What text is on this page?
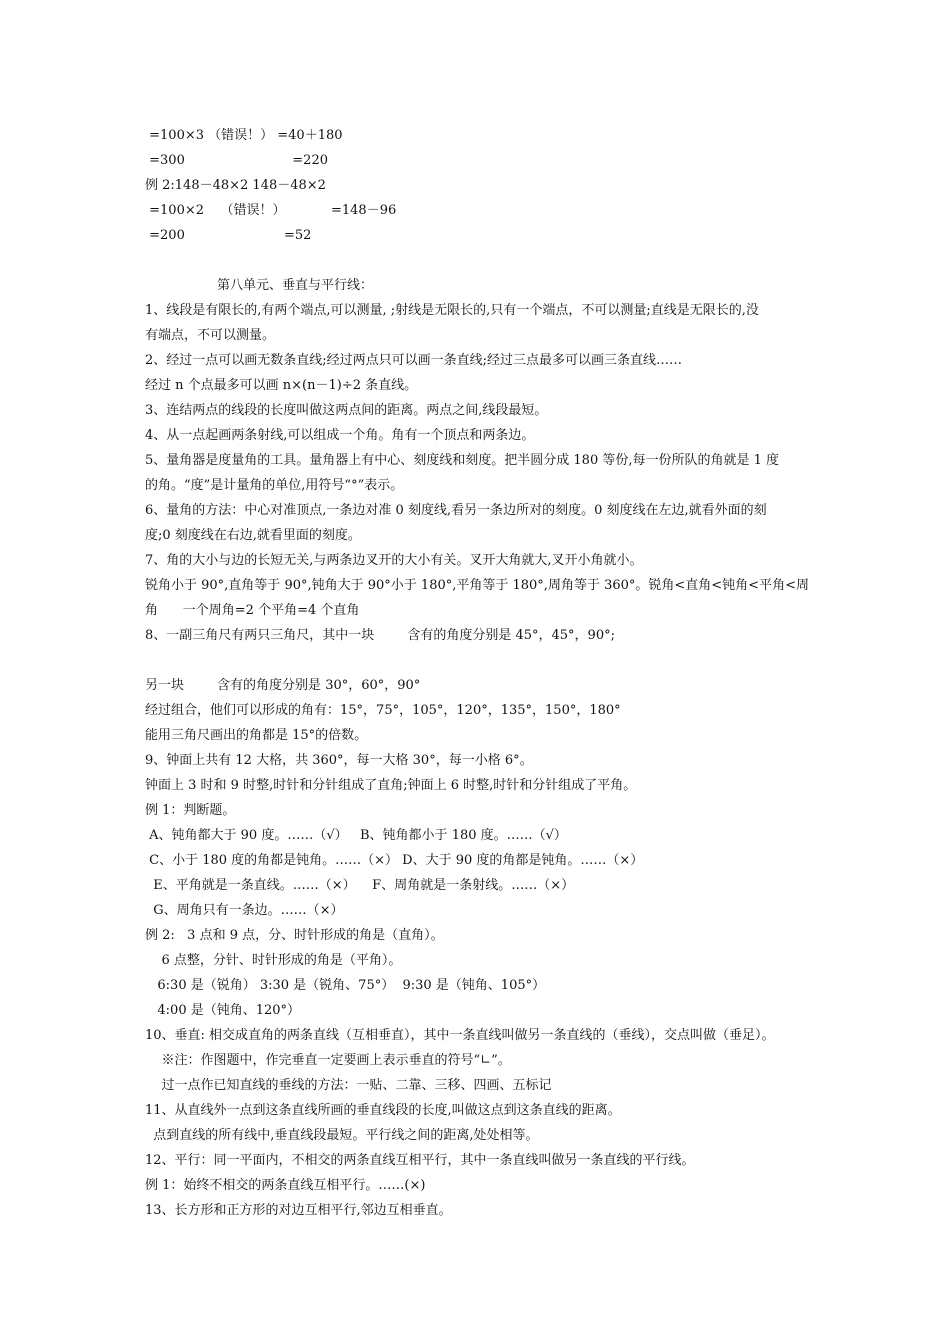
=100×3 （错误！） =40＋180
=300                          =220
例 2:148－48×2 148－48×2
=100×2    （错误！）           =148－96
=200                        =52
第八单元、垂直与平行线：
1、线段是有限长的,有两个端点,可以测量, ;射线是无限长的,只有一个端点，不可以测量;直线是无限长的,没
有端点，不可以测量。
2、经过一点可以画无数条直线;经过两点只可以画一条直线;经过三点最多可以画三条直线……
经过 n 个点最多可以画 n×(n－1)÷2 条直线。
3、连结两点的线段的长度叫做这两点间的距离。两点之间,线段最短。
4、从一点起画两条射线,可以组成一个角。角有一个顶点和两条边。
5、量角器是度量角的工具。量角器上有中心、刻度线和刻度。把半圆分成 180 等份,每一份所队的角就是 1 度
的角。“度”是计量角的单位,用符号“°”表示。
6、量角的方法：中心对准顶点,一条边对准 0 刻度线,看另一条边所对的刻度。0 刻度线在左边,就看外面的刻
度;0 刻度线在右边,就看里面的刻度。
7、角的大小与边的长短无关,与两条边叉开的大小有关。叉开大角就大,叉开小角就小。
锐角小于 90°,直角等于 90°,钝角大于 90°小于 180°,平角等于 180°,周角等于 360°。锐角<直角<钝角<平角<周
角      一个周角=2 个平角=4 个直角
8、一副三角尺有两只三角尺，其中一块        含有的角度分别是 45°，45°，90°;
另一块        含有的角度分别是 30°，60°，90°
经过组合，他们可以形成的角有：15°，75°，105°，120°，135°，150°，180°
能用三角尺画出的角都是 15°的倍数。
9、钟面上共有 12 大格，共 360°，每一大格 30°，每一小格 6°。
钟面上 3 时和 9 时整,时针和分针组成了直角;钟面上 6 时整,时针和分针组成了平角。
例 1：判断题。
A、钝角都大于 90 度。……（√）   B、钝角都小于 180 度。……（√）
C、小于 180 度的角都是钝角。……（×） D、大于 90 度的角都是钝角。……（×）
E、平角就是一条直线。……（×）    F、周角就是一条射线。……（×）
G、周角只有一条边。……（×）
例 2:   3 点和 9 点，分、时针形成的角是（直角）。
6 点整，分针、时针形成的角是（平角）。
6:30 是（锐角） 3:30 是（锐角、75°）  9:30 是（钝角、105°）
4:00 是（钝角、120°）
10、垂直: 相交成直角的两条直线（互相垂直），其中一条直线叫做另一条直线的（垂线），交点叫做（垂足）。
※注：作图题中，作完垂直一定要画上表示垂直的符号“∟”。
过一点作已知直线的垂线的方法：一贴、二靠、三移、四画、五标记
11、从直线外一点到这条直线所画的垂直线段的长度,叫做这点到这条直线的距离。
点到直线的所有线中,垂直线段最短。平行线之间的距离,处处相等。
12、平行：同一平面内，不相交的两条直线互相平行，其中一条直线叫做另一条直线的平行线。
例 1：始终不相交的两条直线互相平行。……(×)
13、长方形和正方形的对边互相平行,邻边互相垂直。
